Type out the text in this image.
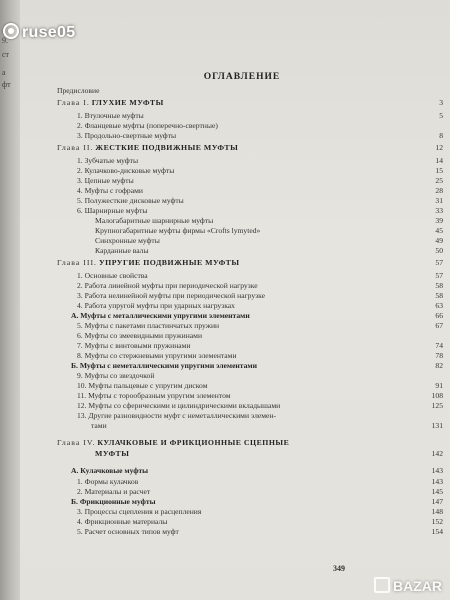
9.
ст
а
фт
ОГЛАВЛЕНИЕ
Предисловие
Глава I. ГЛУХИЕ МУФТЫ	3
1. Втулочные муфты	5
2. Фланцевые муфты (поперечно-свертные)
3. Продольно-свертные муфты	8
Глава II. ЖЕСТКИЕ ПОДВИЖНЫЕ МУФТЫ	12
1. Зубчатые муфты	14
2. Кулачково-дисковые муфты	15
3. Цепные муфты	25
4. Муфты с гофрами	28
5. Полужесткие дисковые муфты	31
6. Шарнирные муфты	33
Малогабаритные шарнирные муфты	39
Крупногабаритные муфты фирмы «Crofts lymyted»	45
Синхронные муфты	49
Карданные валы	50
Глава III. УПРУГИЕ ПОДВИЖНЫЕ МУФТЫ	57
1. Основные свойства	57
2. Работа линейной муфты при периодической нагрузке	58
3. Работа нелинейной муфты при периодической нагрузке	58
4. Работа упругой муфты при ударных нагрузках	63
А. Муфты с металлическими упругими элементами	66
5. Муфты с пакетами пластинчатых пружин	67
6. Муфты со змеевидными пружинами
7. Муфты с винтовыми пружинами	74
8. Муфты со стержневыми упругими элементами	78
Б. Муфты с неметаллическими упругими элементами	82
9. Муфты со звездочкой
10. Муфты пальцевые с упругим диском	91
11. Муфты с торообразным упругим элементом	108
12. Муфты со сферическими и цилиндрическими вкладышами	125
13. Другие разновидности муфт с неметаллическими элемен-
тами	131
Глава IV. КУЛАЧКОВЫЕ И ФРИКЦИОННЫЕ СЦЕПНЫЕ
МУФТЫ	142
А. Кулачковые муфты	143
1. Формы кулачков	143
2. Материалы и расчет	145
Б. Фрикционные муфты	147
3. Процессы сцепления и расцепления	148
4. Фрикционные материалы	152
5. Расчет основных типов муфт	154
349
ruse05
BAZAR
